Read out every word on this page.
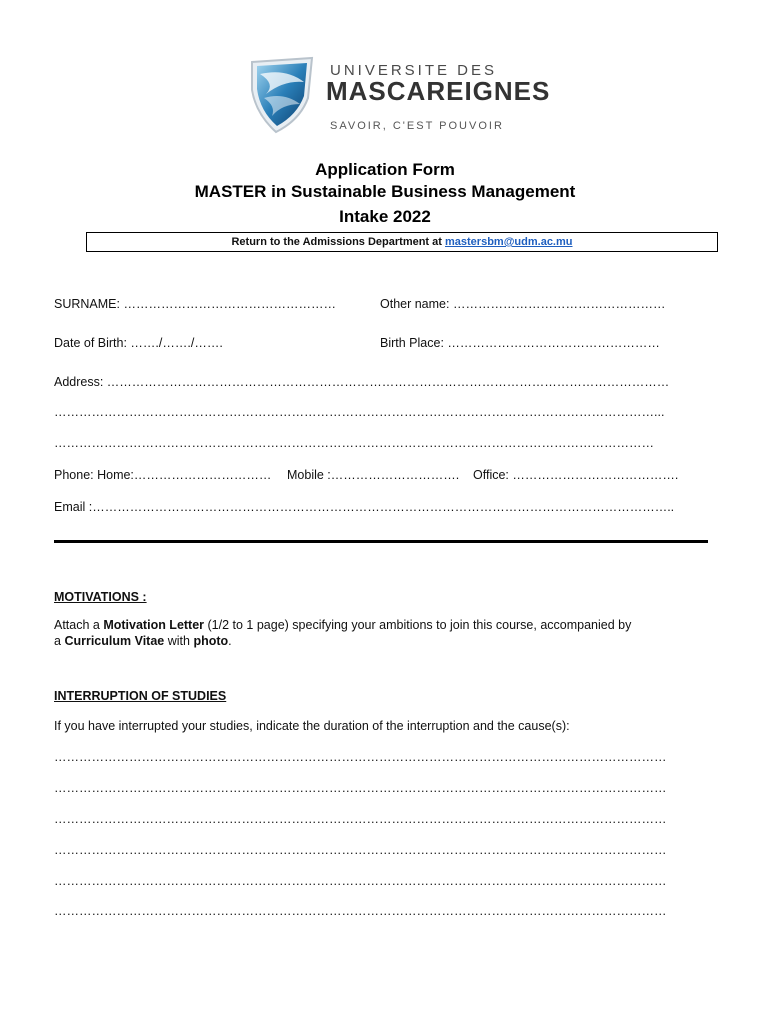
UNIVERSITE DES
MASCAREIGNES
SAVOIR, C'EST POUVOIR
Application Form
MASTER in Sustainable Business Management
Intake 2022
Return to the Admissions Department at mastersbm@udm.ac.mu
SURNAME: ……………………………………………	Other name: ……………………………………………
Date of Birth: ……./……./…….	Birth Place: ……………………………………………
Address: ………………………………………………………………………………………………………………………
………………………………………………………………………………………………………………………………...
………………………………………………………………………………………………………………………………
Phone: Home:…………………………… Mobile :…………………………. Office: ………………………………….
Email :…………………………………………………………………………………………………………………………..
MOTIVATIONS :
Attach a Motivation Letter (1/2 to 1 page) specifying your ambitions to join this course, accompanied by
a Curriculum Vitae with photo.
INTERRUPTION OF STUDIES
If you have interrupted your studies, indicate the duration of the interruption and the cause(s):
…………………………………………………………………………………………………………………………………
…………………………………………………………………………………………………………………………………
…………………………………………………………………………………………………………………………………
…………………………………………………………………………………………………………………………………
…………………………………………………………………………………………………………………………………
…………………………………………………………………………………………………………………………………
